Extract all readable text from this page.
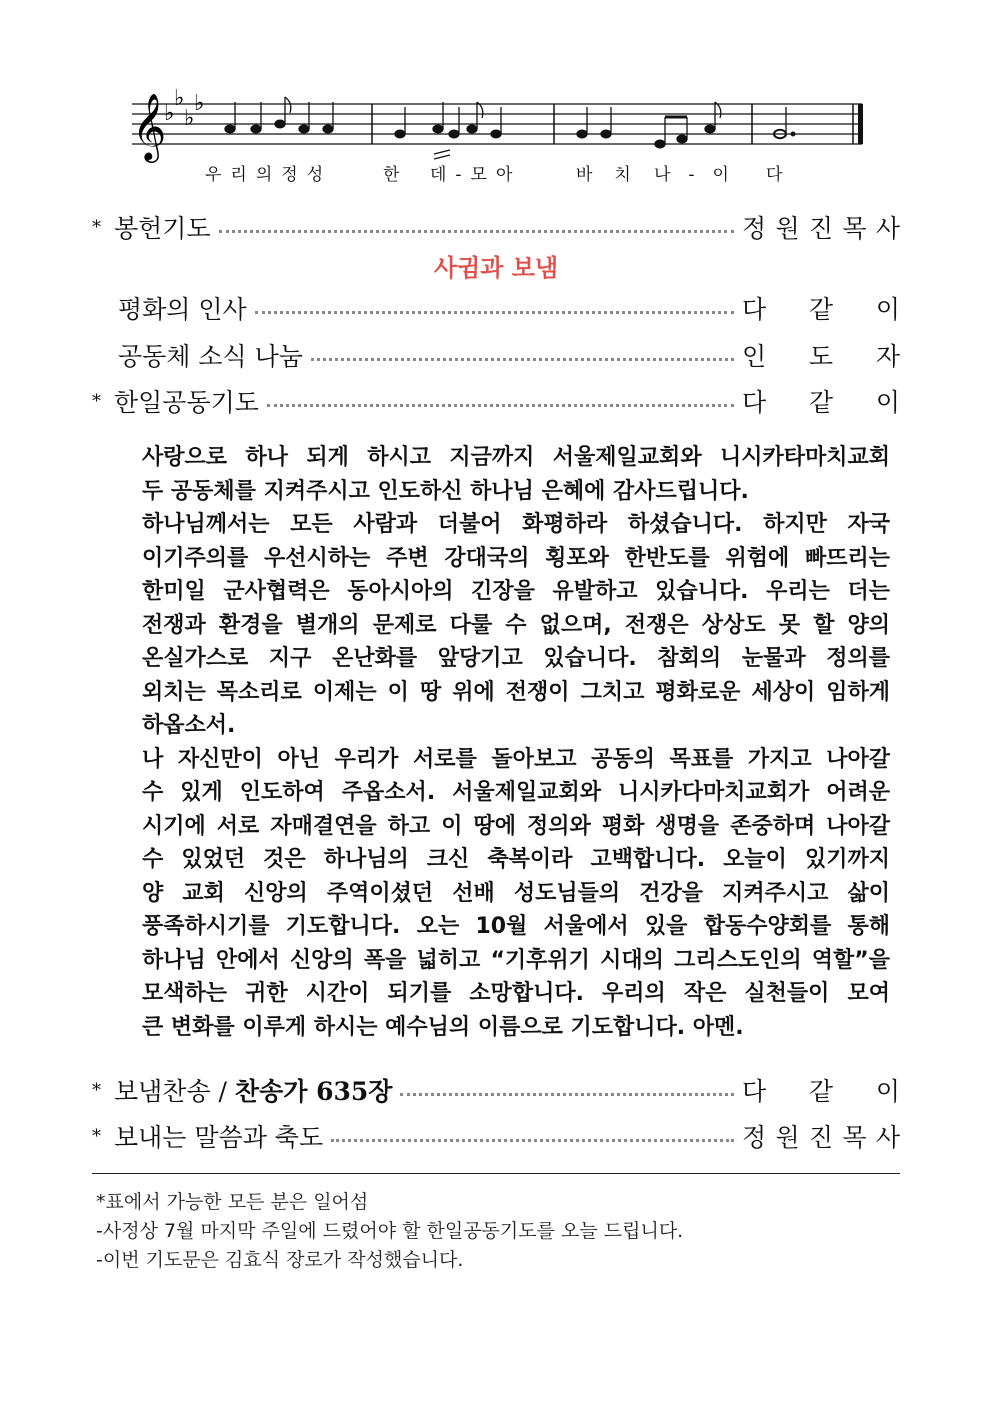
𝄞
♭
♭
♭
♭
우리의정성	한 데-모아	바치 나-이 다
* 봉헌기도	정 원 진 목 사
사귐과 보냄
평화의 인사	다 같 이
공동체 소식 나눔	인 도 자
* 한일공동기도	다 같 이
사랑으로 하나 되게 하시고 지금까지 서울제일교회와 니시카타마치교회
두 공동체를 지켜주시고 인도하신 하나님 은혜에 감사드립니다.
하나님께서는 모든 사람과 더불어 화평하라 하셨습니다. 하지만 자국
이기주의를 우선시하는 주변 강대국의 횡포와 한반도를 위험에 빠뜨리는
한미일 군사협력은 동아시아의 긴장을 유발하고 있습니다. 우리는 더는
전쟁과 환경을 별개의 문제로 다룰 수 없으며, 전쟁은 상상도 못 할 양의
온실가스로 지구 온난화를 앞당기고 있습니다. 참회의 눈물과 정의를
외치는 목소리로 이제는 이 땅 위에 전쟁이 그치고 평화로운 세상이 임하게
하옵소서.
나 자신만이 아닌 우리가 서로를 돌아보고 공동의 목표를 가지고 나아갈
수 있게 인도하여 주옵소서. 서울제일교회와 니시카다마치교회가 어려운
시기에 서로 자매결연을 하고 이 땅에 정의와 평화 생명을 존중하며 나아갈
수 있었던 것은 하나님의 크신 축복이라 고백합니다. 오늘이 있기까지
양 교회 신앙의 주역이셨던 선배 성도님들의 건강을 지켜주시고 삶이
풍족하시기를 기도합니다. 오는 10월 서울에서 있을 합동수양회를 통해
하나님 안에서 신앙의 폭을 넓히고 “기후위기 시대의 그리스도인의 역할”을
모색하는 귀한 시간이 되기를 소망합니다. 우리의 작은 실천들이 모여
큰 변화를 이루게 하시는 예수님의 이름으로 기도합니다. 아멘.
* 보냄찬송 / 찬송가 635장	다 같 이
* 보내는 말씀과 축도	정 원 진 목 사
*표에서 가능한 모든 분은 일어섬
-사정상 7월 마지막 주일에 드렸어야 할 한일공동기도를 오늘 드립니다.
-이번 기도문은 김효식 장로가 작성했습니다.
